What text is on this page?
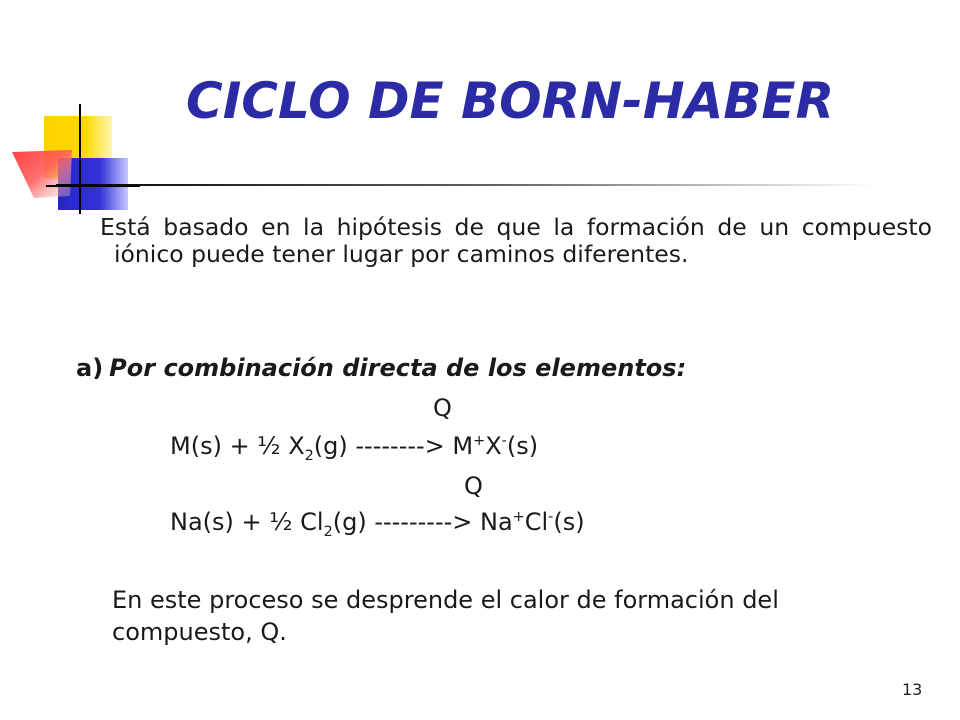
CICLO DE BORN-HABER

Está basado en la hipótesis de que la formación de un compuesto iónico puede tener lugar por caminos diferentes.

a) Por combinación directa de los elementos:

Q

M(s) + ½ $X_2(g)$ --------> M+X-(s)

Q

Na(s) + ½ $Cl_2(g)$ ---------> Na+Cl-(s)

En este proceso se desprende el calor de formación del compuesto, Q.

13
